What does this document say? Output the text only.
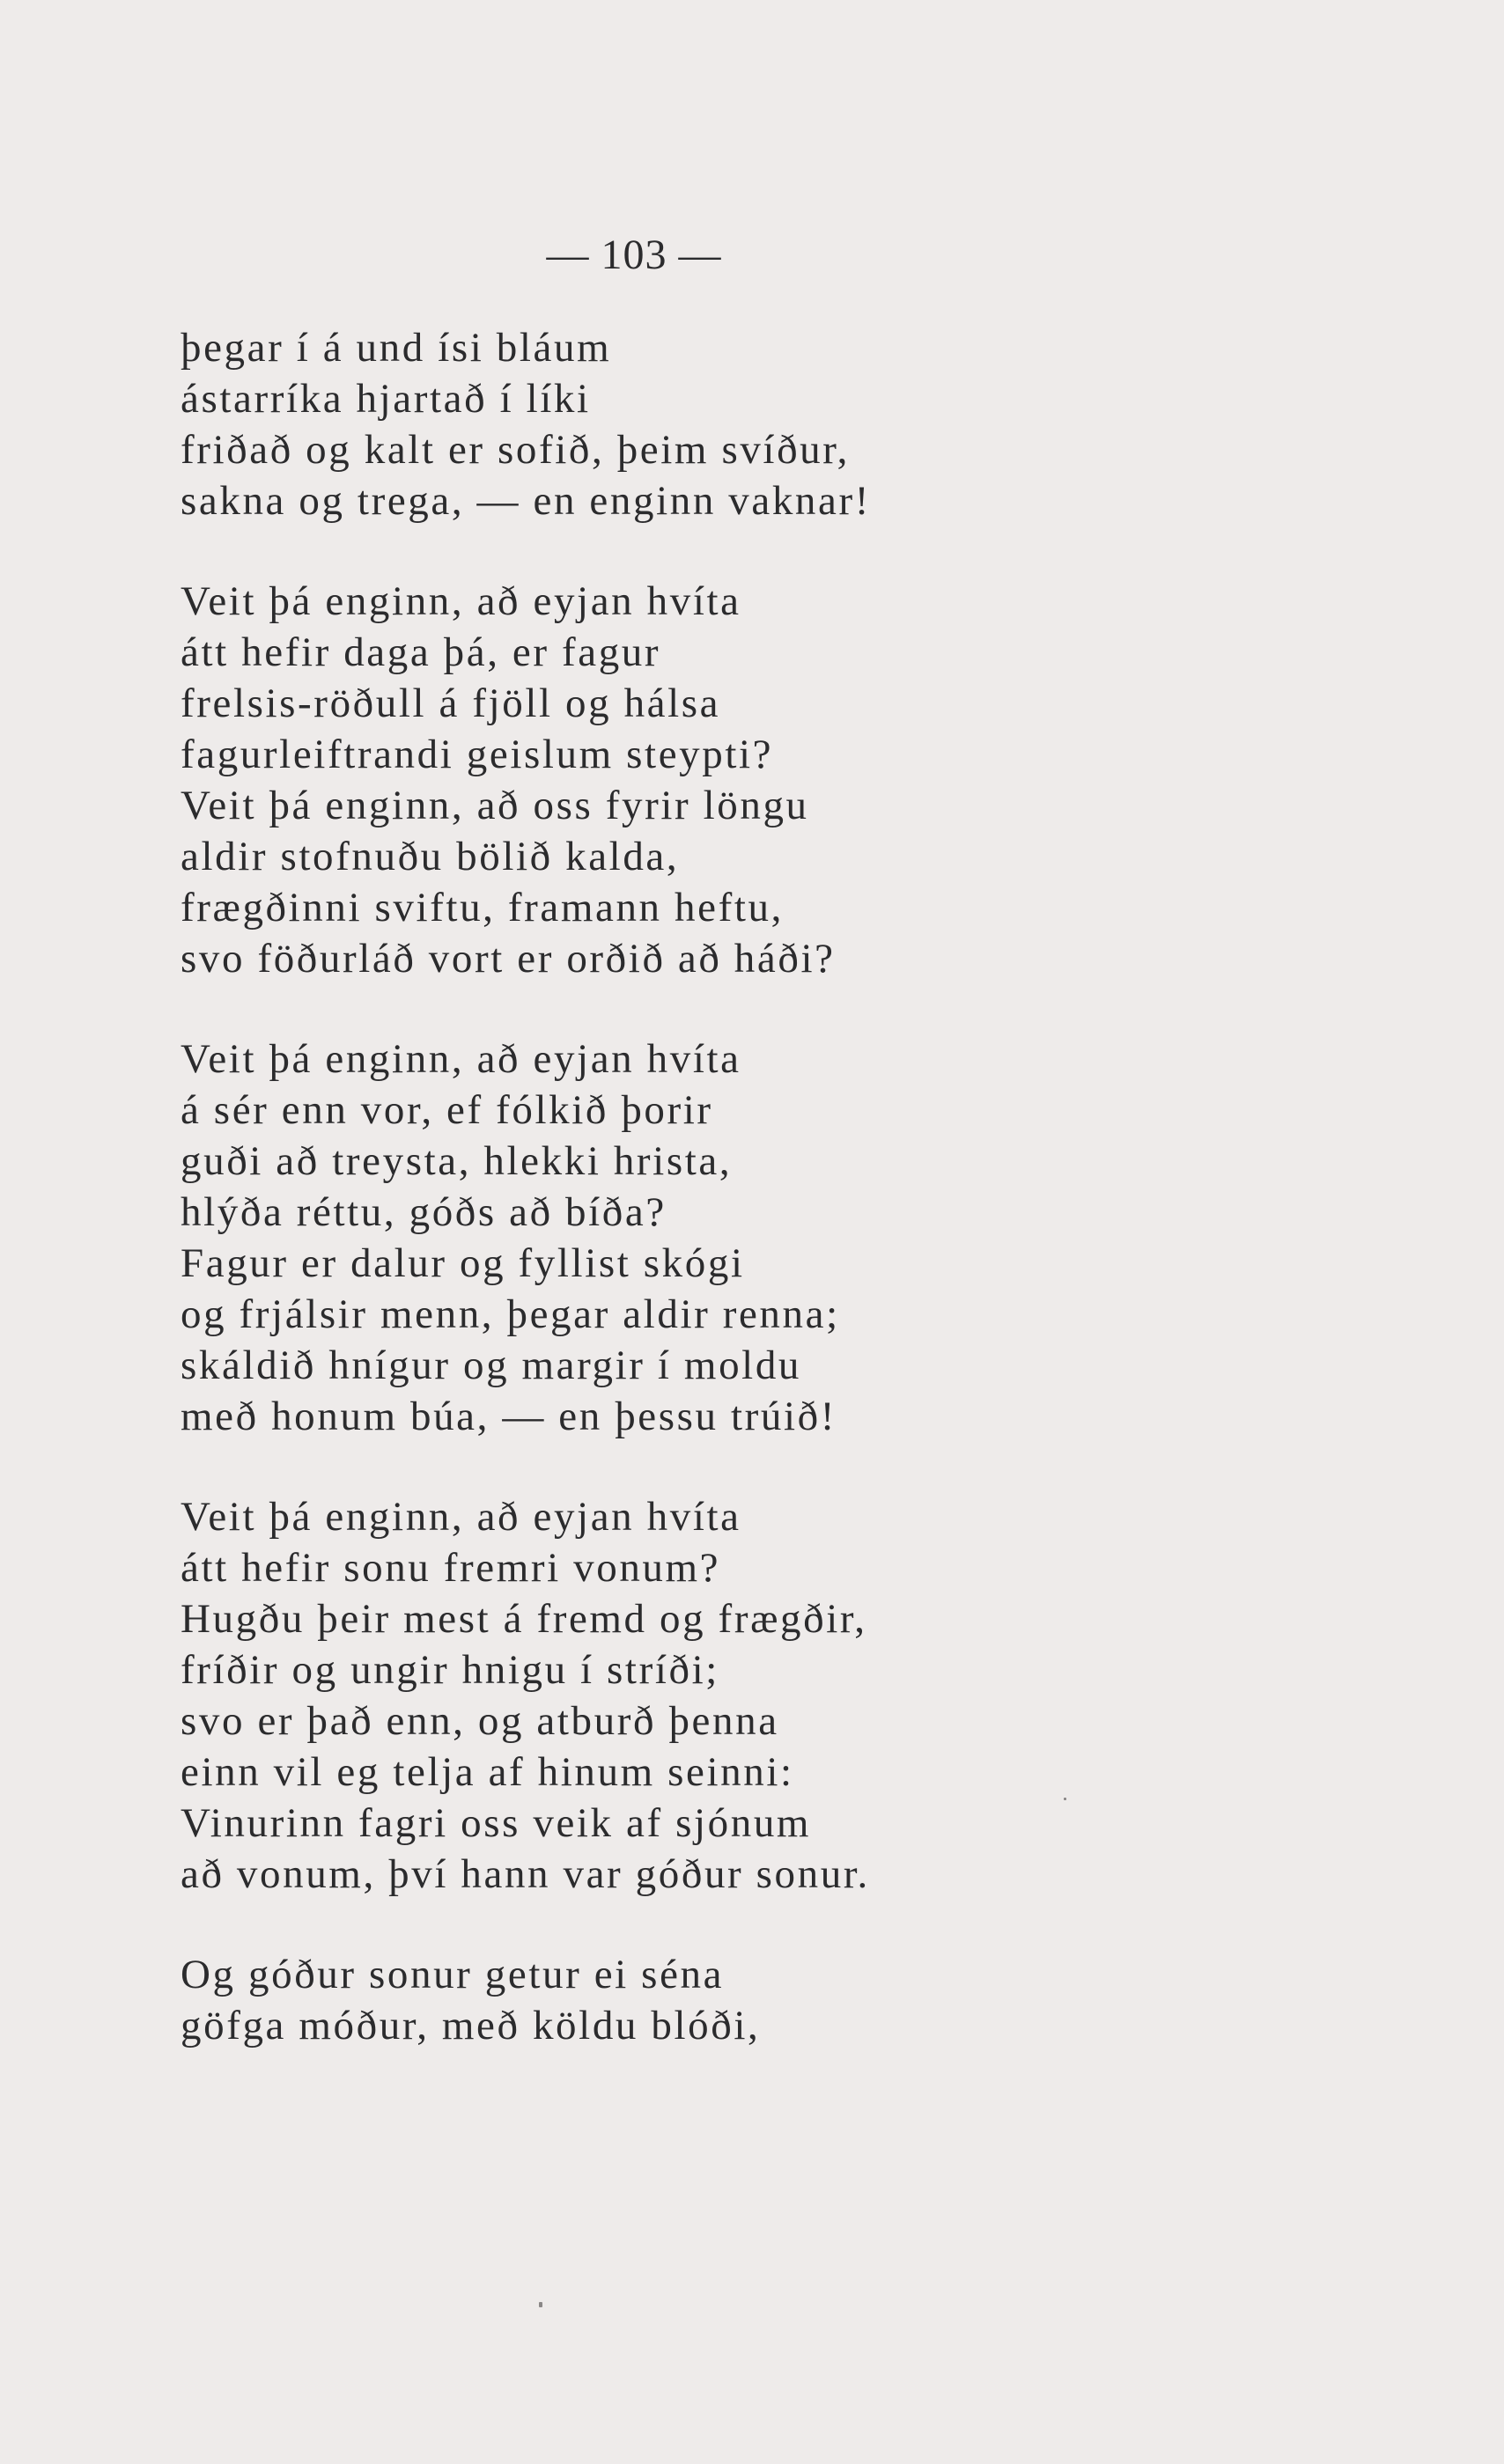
— 103 —
þegar í á und ísi bláum
ástarríka hjartað í líki
friðað og kalt er sofið, þeim svíður,
sakna og trega, — en enginn vaknar!
Veit þá enginn, að eyjan hvíta
átt hefir daga þá, er fagur
frelsis-röðull á fjöll og hálsa
fagurleiftrandi geislum steypti?
Veit þá enginn, að oss fyrir löngu
aldir stofnuðu bölið kalda,
frægðinni sviftu, framann heftu,
svo föðurláð vort er orðið að háði?
Veit þá enginn, að eyjan hvíta
á sér enn vor, ef fólkið þorir
guði að treysta, hlekki hrista,
hlýða réttu, góðs að bíða?
Fagur er dalur og fyllist skógi
og frjálsir menn, þegar aldir renna;
skáldið hnígur og margir í moldu
með honum búa, — en þessu trúið!
Veit þá enginn, að eyjan hvíta
átt hefir sonu fremri vonum?
Hugðu þeir mest á fremd og frægðir,
fríðir og ungir hnigu í stríði;
svo er það enn, og atburð þenna
einn vil eg telja af hinum seinni:
Vinurinn fagri oss veik af sjónum
að vonum, því hann var góður sonur.
Og góður sonur getur ei séna
göfga móður, með köldu blóði,
